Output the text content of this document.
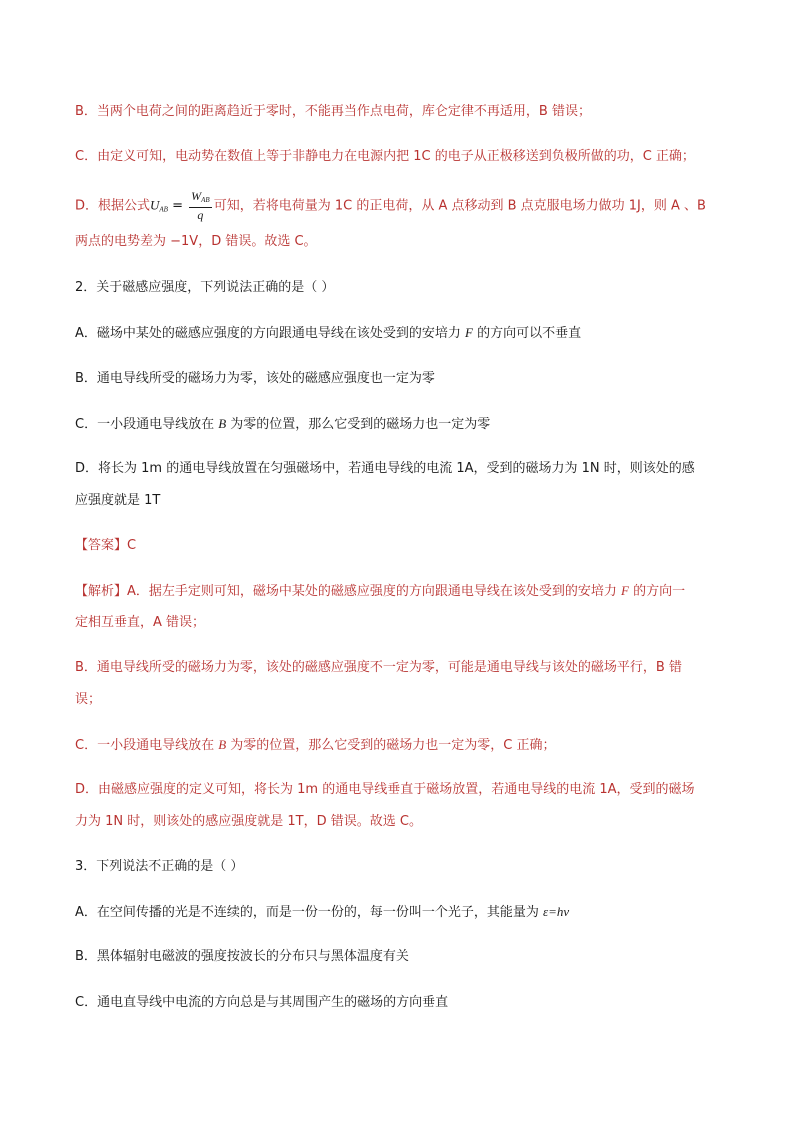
B．当两个电荷之间的距离趋近于零时，不能再当作点电荷，库仑定律不再适用，B 错误；
C．由定义可知，电动势在数值上等于非静电力在电源内把 1C 的电子从正极移送到负极所做的功，C 正确；
D．根据公式$U_{AB} = \frac{W_{AB}}{q}$ 可知，若将电荷量为 1C 的正电荷，从 A 点移动到 B 点克服电场力做功 1J，则 A 、B
两点的电势差为 −1V，D 错误。故选 C。
2．关于磁感应强度，下列说法正确的是（ ）
A．磁场中某处的磁感应强度的方向跟通电导线在该处受到的安培力 F 的方向可以不垂直
B．通电导线所受的磁场力为零，该处的磁感应强度也一定为零
C．一小段通电导线放在 B 为零的位置，那么它受到的磁场力也一定为零
D．将长为 1m 的通电导线放置在匀强磁场中，若通电导线的电流 1A，受到的磁场力为 1N 时，则该处的感
应强度就是 1T
【答案】C
【解析】A．据左手定则可知，磁场中某处的磁感应强度的方向跟通电导线在该处受到的安培力 F 的方向一
定相互垂直，A 错误；
B．通电导线所受的磁场力为零，该处的磁感应强度不一定为零，可能是通电导线与该处的磁场平行，B 错
误；
C．一小段通电导线放在 B 为零的位置，那么它受到的磁场力也一定为零，C 正确；
D．由磁感应强度的定义可知，将长为 1m 的通电导线垂直于磁场放置，若通电导线的电流 1A，受到的磁场
力为 1N 时，则该处的感应强度就是 1T，D 错误。故选 C。
3．下列说法不正确的是（ ）
A．在空间传播的光是不连续的，而是一份一份的，每一份叫一个光子，其能量为 ε=hν
B．黑体辐射电磁波的强度按波长的分布只与黑体温度有关
C．通电直导线中电流的方向总是与其周围产生的磁场的方向垂直
